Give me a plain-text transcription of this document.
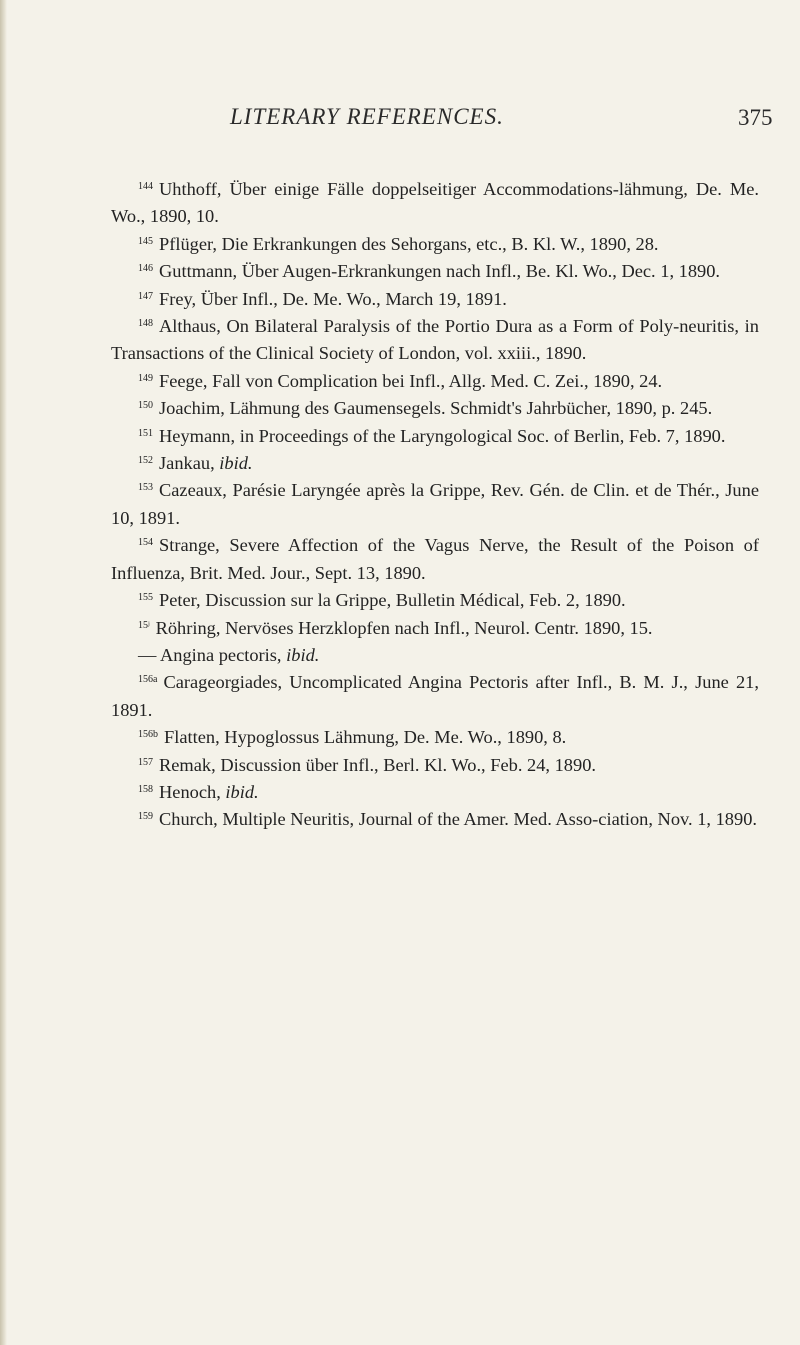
LITERARY REFERENCES.	375

$^{144}$ Uhthoff, Über einige Fälle doppelseitiger Accommodations-lähmung, De. Me. Wo., 1890, 10.

$^{145}$ Pflüger, Die Erkrankungen des Sehorgans, etc., B. Kl. W., 1890, 28.

$^{146}$ Guttmann, Über Augen-Erkrankungen nach Infl., Be. Kl. Wo., Dec. 1, 1890.

$^{147}$ Frey, Über Infl., De. Me. Wo., March 19, 1891.

$^{148}$ Althaus, On Bilateral Paralysis of the Portio Dura as a Form of Poly-neuritis, in Transactions of the Clinical Society of London, vol. xxiii., 1890.

$^{149}$ Feege, Fall von Complication bei Infl., Allg. Med. C. Zei., 1890, 24.

$^{150}$ Joachim, Lähmung des Gaumensegels. Schmidt's Jahrbücher, 1890, p. 245.

$^{151}$ Heymann, in Proceedings of the Laryngological Soc. of Berlin, Feb. 7, 1890.

$^{152}$ Jankau, ibid.

$^{153}$ Cazeaux, Parésie Laryngée après la Grippe, Rev. Gén. de Clin. et de Thér., June 10, 1891.

$^{154}$ Strange, Severe Affection of the Vagus Nerve, the Result of the Poison of Influenza, Brit. Med. Jour., Sept. 13, 1890.

$^{155}$ Peter, Discussion sur la Grippe, Bulletin Médical, Feb. 2, 1890.

$^{15ʲ}$ Röhring, Nervöses Herzklopfen nach Infl., Neurol. Centr. 1890, 15.

— Angina pectoris, ibid.

$^{156a}$ Carageorgiades, Uncomplicated Angina Pectoris after Infl., B. M. J., June 21, 1891.

$^{156b}$ Flatten, Hypoglossus Lähmung, De. Me. Wo., 1890, 8.

$^{157}$ Remak, Discussion über Infl., Berl. Kl. Wo., Feb. 24, 1890.

$^{158}$ Henoch, ibid.

$^{159}$ Church, Multiple Neuritis, Journal of the Amer. Med. Asso-ciation, Nov. 1, 1890.
